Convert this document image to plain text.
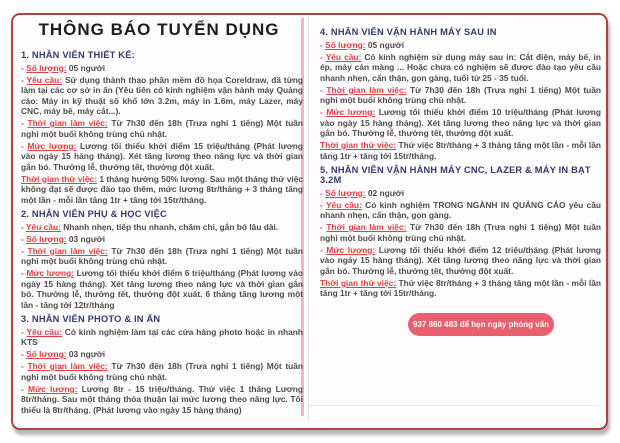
THÔNG BÁO TUYỂN DỤNG
1. NHÂN VIÊN THIẾT KẾ:

- Số lượng: 05 người

- Yêu cầu: Sử dụng thành thạo phần mềm đồ họa Coreldraw, đã từng làm tại các cơ sở in ấn (Yêu tiên có kinh nghiệm vận hành máy Quảng cáo: Máy in kỹ thuật số khổ lớn 3.2m, máy in 1.6m, máy Lazer, máy CNC, máy bế, máy cắt...).

- Thời gian làm việc: Từ 7h30 đến 18h (Trưa nghỉ 1 tiếng) Một tuần nghỉ một buổi không trùng chủ nhật.

- Mức lương: Lương tối thiểu khởi điểm 15 triệu/tháng (Phát lương vào ngày 15 hàng tháng). Xét tăng lương theo năng lực và thời gian gắn bó. Thưởng lễ, thưởng tết, thưởng đột xuất.

Thời gian thử việc: 1 tháng hưởng 50% lương. Sau một tháng thử việc không đạt sẽ được đào tạo thêm, mức lương 8tr/tháng + 3 tháng tăng một lần - mỗi lần tăng 1tr + tăng tới 15tr/tháng.

2. NHÂN VIÊN PHỤ & HỌC VIỆC

- Yêu cầu: Nhanh nhẹn, tiếp thu nhanh, chăm chỉ, gắn bó lâu dài.

- Số lượng: 03 người

- Thời gian làm việc: Từ 7h30 đến 18h (Trưa nghỉ 1 tiếng) Một tuần nghỉ một buổi không trùng chủ nhật.

- Mức lương: Lương tối thiểu khởi điểm 6 triệu/tháng (Phát lương vào ngày 15 hàng tháng). Xét tăng lương theo năng lực và thời gian gắn bó. Thưởng lễ, thưởng tết, thưởng đột xuất. 6 tháng tăng lương một lần - tăng tới 12tr/tháng

3. NHÂN VIÊN PHOTO & IN ẤN

- Yêu cầu: Có kinh nghiệm làm tại các cửa hàng photo hoặc in nhanh KTS

- Số lượng: 03 người

- Thời gian làm việc: Từ 7h30 đến 18h (Trưa nghỉ 1 tiếng) Một tuần nghỉ một buổi không trùng chủ nhật.

- Mức lương: Lương 8tr - 15 triệu/tháng. Thử việc 1 tháng Lương 8tr/tháng. Sau một tháng thỏa thuận lại mức lương theo năng lực. Tối thiểu là 8tr/tháng. (Phát lương vào ngày 15 hàng tháng)

4. NHÂN VIÊN VẬN HÀNH MÁY SAU IN

- Số lượng: 05 người

- Yêu cầu: Có kinh nghiệm sử dụng máy sau in: Cắt điện, máy bế, in ép, máy cán màng ... Hoặc chưa có nghiệm sẽ được đào tạo yêu cầu nhanh nhẹn, cẩn thận, gọn gàng, tuổi từ 25 - 35 tuổi.

- Thời gian làm việc: Từ 7h30 đến 18h (Trưa nghỉ 1 tiếng) Một tuần nghỉ một buổi không trùng chủ nhật.

- Mức lương: Lương tối thiểu khởi điểm 10 triệu/tháng (Phát lương vào ngày 15 hàng tháng). Xét tăng lương theo năng lực và thời gian gắn bó. Thưởng lễ, thưởng tết, thưởng đột xuất.

Thời gian thử việc: Thử việc 8tr/tháng + 3 tháng tăng một lần - mỗi lần tăng 1tr + tăng tới 15tr/tháng.

5. NHÂN VIÊN VẬN HÀNH MÁY CNC, LAZER & MÁY IN BẠT 3.2M

- Số lượng: 02 người

- Yêu cầu: Có kinh nghiệm TRONG NGÀNH IN QUẢNG CÁO yêu cầu nhanh nhẹn, cẩn thận, gọn gàng.

- Thời gian làm việc: Từ 7h30 đến 18h (Trưa nghỉ 1 tiếng) Một tuần nghỉ một buổi không trùng chủ nhật.

- Mức lương: Lương tối thiểu khởi điểm 12 triệu/tháng (Phát lương vào ngày 15 hàng tháng). Xét tăng lương theo năng lực và thời gian gắn bó. Thưởng lễ, thưởng tết, thưởng đột xuất.

Thời gian thử việc: Thử việc 8tr/tháng + 3 tháng tăng một lần - mỗi lần tăng 1tr + tăng tới 15tr/tháng.

937 860 483 để hẹn ngày phỏng vấn
